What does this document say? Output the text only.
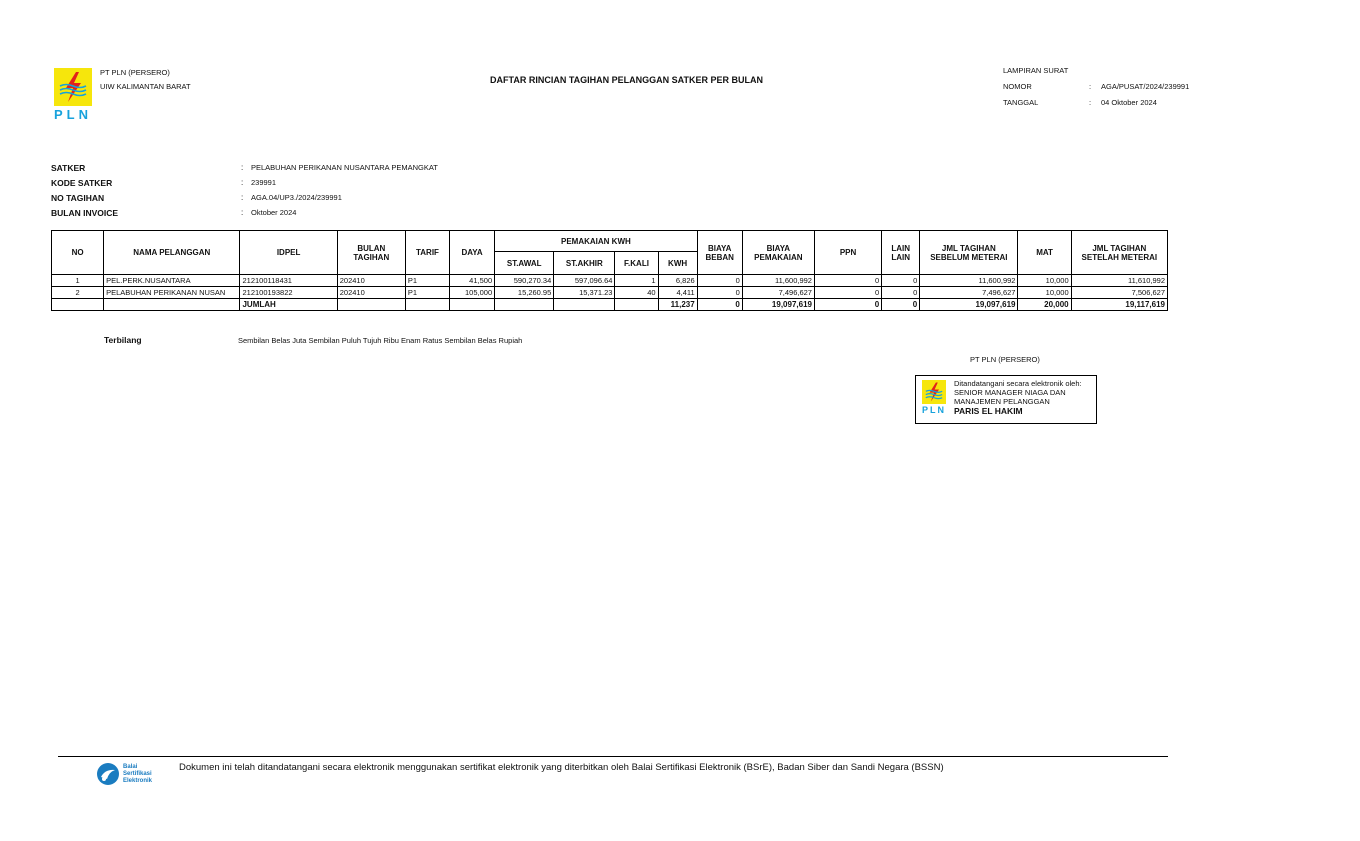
PLN
PT PLN (PERSERO)
UIW KALIMANTAN BARAT
DAFTAR RINCIAN TAGIHAN PELANGGAN SATKER PER BULAN
LAMPIRAN SURAT
NOMOR	:	AGA/PUSAT/2024/239991
TANGGAL	:	04 Oktober 2024
SATKER	:	PELABUHAN PERIKANAN NUSANTARA PEMANGKAT
KODE SATKER	:	239991
NO TAGIHAN	:	AGA.04/UP3./2024/239991
BULAN INVOICE	:	Oktober 2024
NO	NAMA PELANGGAN	IDPEL	BULAN TAGIHAN	TARIF	DAYA	PEMAKAIAN KWH				BIAYA BEBAN	BIAYA PEMAKAIAN	PPN	LAIN LAIN	JML TAGIHAN SEBELUM METERAI	MAT	JML TAGIHAN SETELAH METERAI
						ST.AWAL	ST.AKHIR	F.KALI	KWH							
1	PEL.PERK.NUSANTARA	212100118431	202410	P1	41,500	590,270.34	597,096.64	1	6,826	0	11,600,992	0	0	11,600,992	10,000	11,610,992
2	PELABUHAN PERIKANAN NUSAN	212100193822	202410	P1	105,000	15,260.95	15,371.23	40	4,411	0	7,496,627	0	0	7,496,627	10,000	7,506,627
		JUMLAH							11,237	0	19,097,619	0	0	19,097,619	20,000	19,117,619
Terbilang	Sembilan Belas Juta Sembilan Puluh Tujuh Ribu Enam Ratus Sembilan Belas Rupiah
PT PLN (PERSERO)
PLN
Ditandatangani secara elektronik oleh:
SENIOR MANAGER NIAGA DAN
MANAJEMEN PELANGGAN
PARIS EL HAKIM
Balai
Sertifikasi
Elektronik
Dokumen ini telah ditandatangani secara elektronik menggunakan sertifikat elektronik yang diterbitkan oleh Balai Sertifikasi Elektronik (BSrE), Badan Siber dan Sandi Negara (BSSN)
